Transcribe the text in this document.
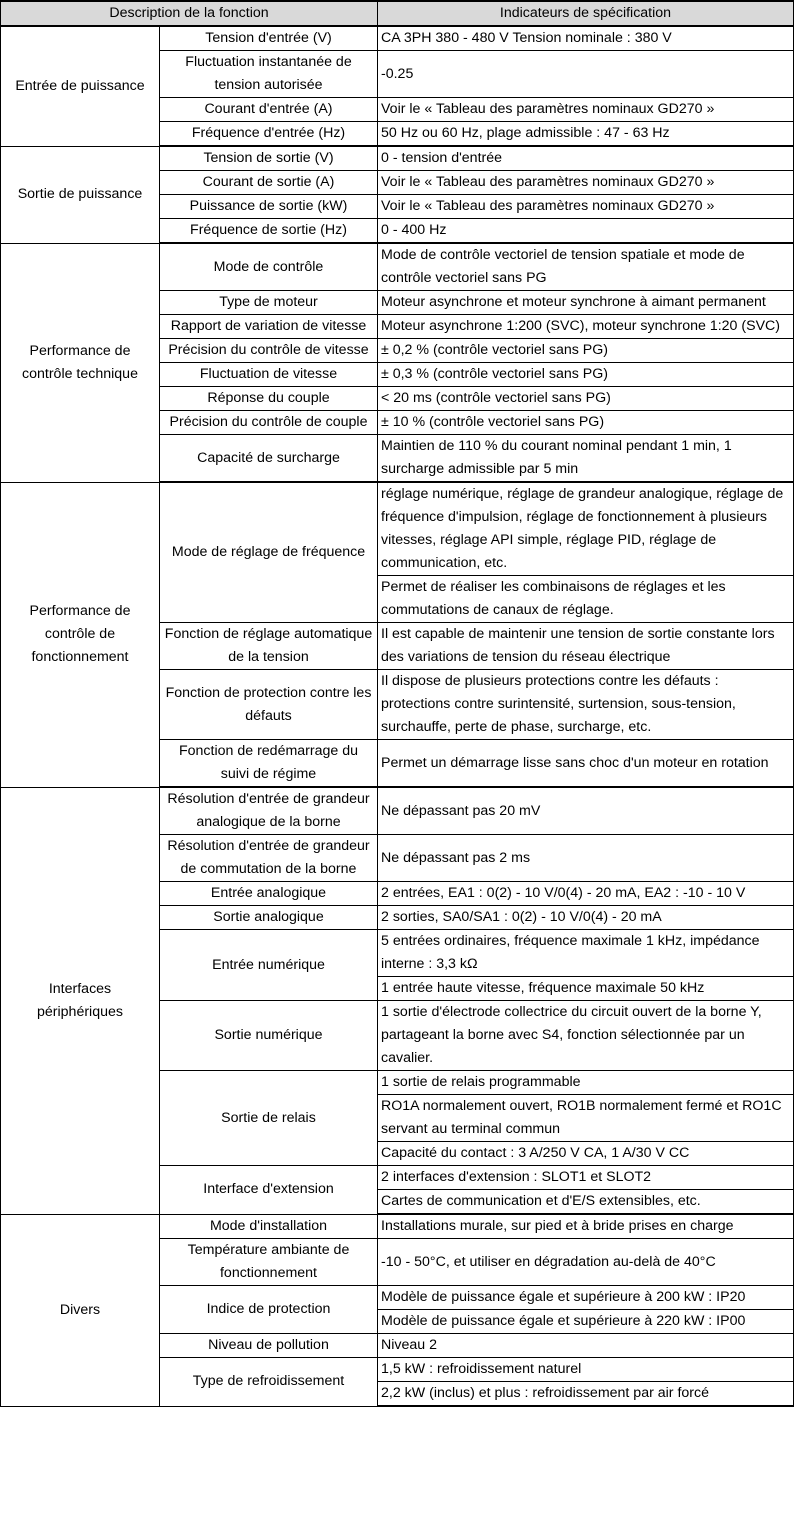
Description de la fonction		Indicateurs de spécification
Entrée de puissance	Tension d'entrée (V)	CA 3PH 380 - 480 V Tension nominale : 380 V
	Fluctuation instantanée de tension autorisée	-0.25
	Courant d'entrée (A)	Voir le « Tableau des paramètres nominaux GD270 »
	Fréquence d'entrée (Hz)	50 Hz ou 60 Hz, plage admissible : 47 - 63 Hz
Sortie de puissance	Tension de sortie (V)	0 - tension d'entrée
	Courant de sortie (A)	Voir le « Tableau des paramètres nominaux GD270 »
	Puissance de sortie (kW)	Voir le « Tableau des paramètres nominaux GD270 »
	Fréquence de sortie (Hz)	0 - 400 Hz
Performance de contrôle technique	Mode de contrôle	Mode de contrôle vectoriel de tension spatiale et mode de contrôle vectoriel sans PG
	Type de moteur	Moteur asynchrone et moteur synchrone à aimant permanent
	Rapport de variation de vitesse	Moteur asynchrone 1:200 (SVC), moteur synchrone 1:20 (SVC)
	Précision du contrôle de vitesse	± 0,2 % (contrôle vectoriel sans PG)
	Fluctuation de vitesse	± 0,3 % (contrôle vectoriel sans PG)
	Réponse du couple	< 20 ms (contrôle vectoriel sans PG)
	Précision du contrôle de couple	± 10 % (contrôle vectoriel sans PG)
	Capacité de surcharge	Maintien de 110 % du courant nominal pendant 1 min, 1 surcharge admissible par 5 min
Performance de contrôle de fonctionnement	Mode de réglage de fréquence	réglage numérique, réglage de grandeur analogique, réglage de fréquence d'impulsion, réglage de fonctionnement à plusieurs vitesses, réglage API simple, réglage PID, réglage de communication, etc.
		Permet de réaliser les combinaisons de réglages et les commutations de canaux de réglage.
	Fonction de réglage automatique de la tension	Il est capable de maintenir une tension de sortie constante lors des variations de tension du réseau électrique
	Fonction de protection contre les défauts	Il dispose de plusieurs protections contre les défauts : protections contre surintensité, surtension, sous-tension, surchauffe, perte de phase, surcharge, etc.
	Fonction de redémarrage du suivi de régime	Permet un démarrage lisse sans choc d'un moteur en rotation
Interfaces périphériques	Résolution d'entrée de grandeur analogique de la borne	Ne dépassant pas 20 mV
	Résolution d'entrée de grandeur de commutation de la borne	Ne dépassant pas 2 ms
	Entrée analogique	2 entrées, EA1 : 0(2) - 10 V/0(4) - 20 mA, EA2 : -10 - 10 V
	Sortie analogique	2 sorties, SA0/SA1 : 0(2) - 10 V/0(4) - 20 mA
	Entrée numérique	5 entrées ordinaires, fréquence maximale 1 kHz, impédance interne : 3,3 kΩ
		1 entrée haute vitesse, fréquence maximale 50 kHz
	Sortie numérique	1 sortie d'électrode collectrice du circuit ouvert de la borne Y, partageant la borne avec S4, fonction sélectionnée par un cavalier.
	Sortie de relais	1 sortie de relais programmable
		RO1A normalement ouvert, RO1B normalement fermé et RO1C servant au terminal commun
		Capacité du contact : 3 A/250 V CA, 1 A/30 V CC
	Interface d'extension	2 interfaces d'extension : SLOT1 et SLOT2
		Cartes de communication et d'E/S extensibles, etc.
Divers	Mode d'installation	Installations murale, sur pied et à bride prises en charge
	Température ambiante de fonctionnement	-10 - 50°C, et utiliser en dégradation au-delà de 40°C
	Indice de protection	Modèle de puissance égale et supérieure à 200 kW : IP20
		Modèle de puissance égale et supérieure à 220 kW : IP00
	Niveau de pollution	Niveau 2
	Type de refroidissement	1,5 kW : refroidissement naturel
		2,2 kW (inclus) et plus : refroidissement par air forcé
